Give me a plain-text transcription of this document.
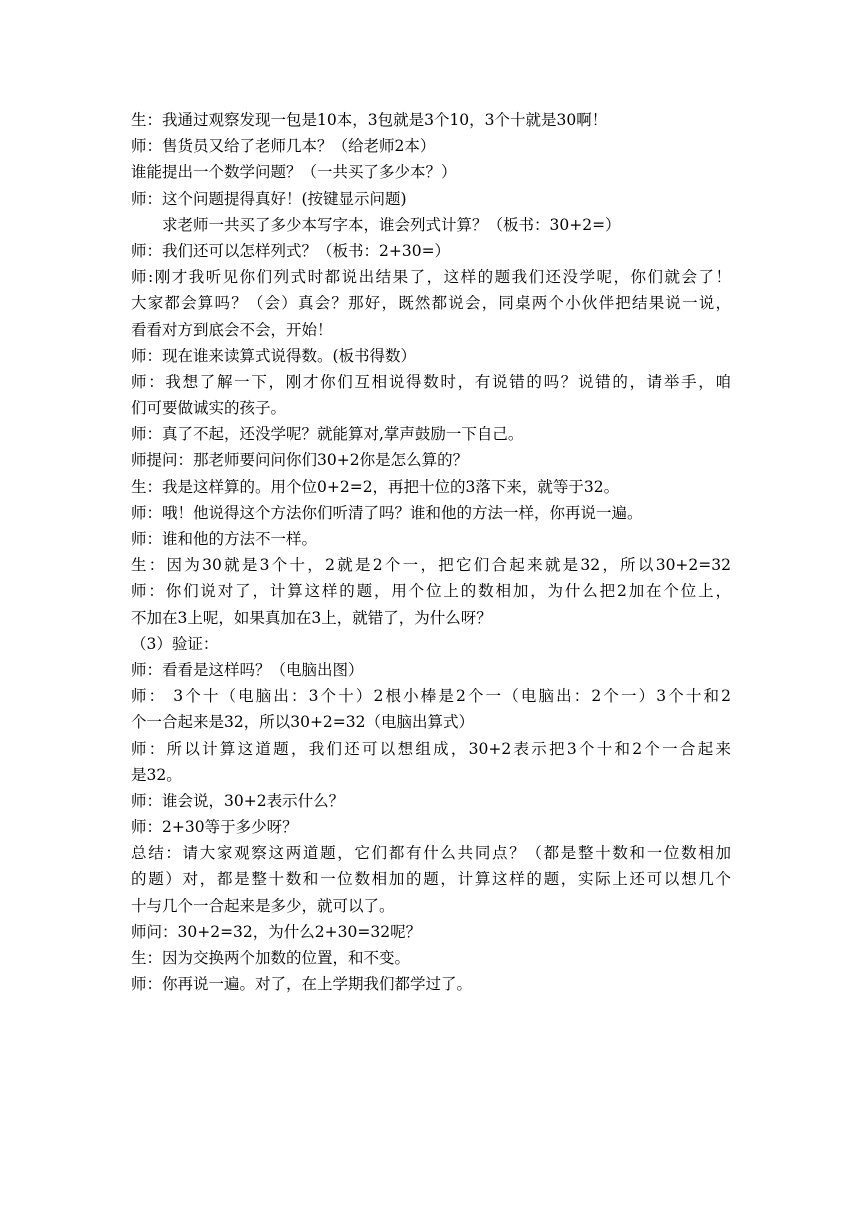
生：我通过观察发现一包是10本，3包就是3个10，3个十就是30啊！
师：售货员又给了老师几本？（给老师2本）
谁能提出一个数学问题？（一共买了多少本？）
师：这个问题提得真好！(按键显示问题)
求老师一共买了多少本写字本，谁会列式计算？（板书：30+2=）
师：我们还可以怎样列式？（板书：2+30=）
师:刚才我听见你们列式时都说出结果了，这样的题我们还没学呢，你们就会了！
大家都会算吗？（会）真会？那好，既然都说会，同桌两个小伙伴把结果说一说，
看看对方到底会不会，开始！
师：现在谁来读算式说得数。(板书得数）
师：我想了解一下，刚才你们互相说得数时，有说错的吗？说错的，请举手，咱
们可要做诚实的孩子。
师：真了不起，还没学呢？就能算对,掌声鼓励一下自己。
师提问：那老师要问问你们30+2你是怎么算的？
生：我是这样算的。用个位0+2=2，再把十位的3落下来，就等于32。
师：哦！他说得这个方法你们听清了吗？谁和他的方法一样，你再说一遍。
师：谁和他的方法不一样。
生：因为30就是3个十，2就是2个一，把它们合起来就是32，所以30+2=32
师：你们说对了，计算这样的题，用个位上的数相加，为什么把2加在个位上，
不加在3上呢，如果真加在3上，就错了，为什么呀？
（3）验证：
师：看看是这样吗？（电脑出图）
师： 3个十（电脑出：3个十）2根小棒是2个一（电脑出：2个一）3个十和2
个一合起来是32，所以30+2=32（电脑出算式）
师：所以计算这道题，我们还可以想组成，30+2表示把3个十和2个一合起来
是32。
师：谁会说，30+2表示什么？
师：2+30等于多少呀？
总结：请大家观察这两道题，它们都有什么共同点？（都是整十数和一位数相加
的题）对，都是整十数和一位数相加的题，计算这样的题，实际上还可以想几个
十与几个一合起来是多少，就可以了。
师问：30+2=32，为什么2+30=32呢？
生：因为交换两个加数的位置，和不变。
师：你再说一遍。对了，在上学期我们都学过了。
